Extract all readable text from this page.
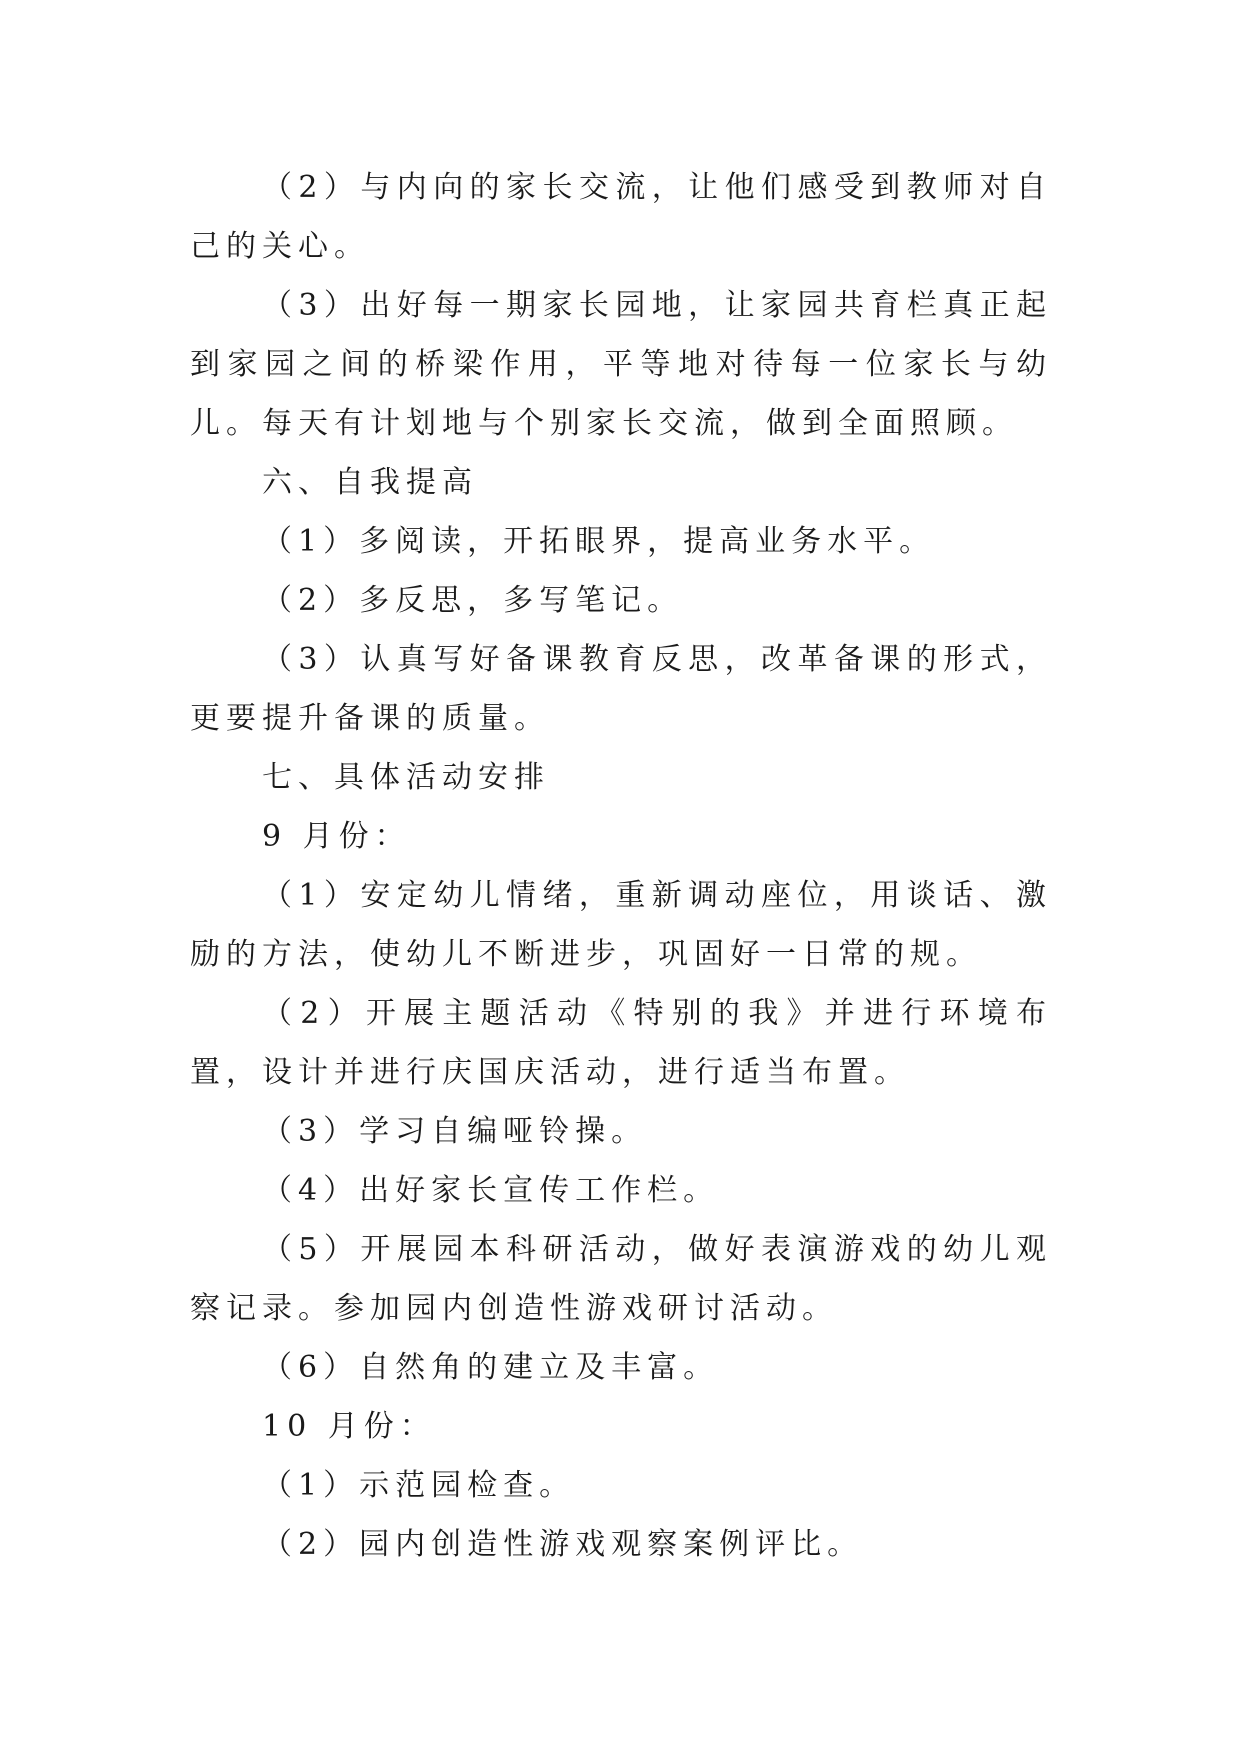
（2）与内向的家长交流，让他们感受到教师对自己的关心。

（3）出好每一期家长园地，让家园共育栏真正起到家园之间的桥梁作用，平等地对待每一位家长与幼儿。每天有计划地与个别家长交流，做到全面照顾。

六、自我提高

（1）多阅读，开拓眼界，提高业务水平。

（2）多反思，多写笔记。

（3）认真写好备课教育反思，改革备课的形式，更要提升备课的质量。

七、具体活动安排

9 月份：

（1）安定幼儿情绪，重新调动座位，用谈话、激励的方法，使幼儿不断进步，巩固好一日常的规。

（2）开展主题活动《特别的我》并进行环境布置，设计并进行庆国庆活动，进行适当布置。

（3）学习自编哑铃操。

（4）出好家长宣传工作栏。

（5）开展园本科研活动，做好表演游戏的幼儿观察记录。参加园内创造性游戏研讨活动。

（6）自然角的建立及丰富。

10 月份：

（1）示范园检查。

（2）园内创造性游戏观察案例评比。
